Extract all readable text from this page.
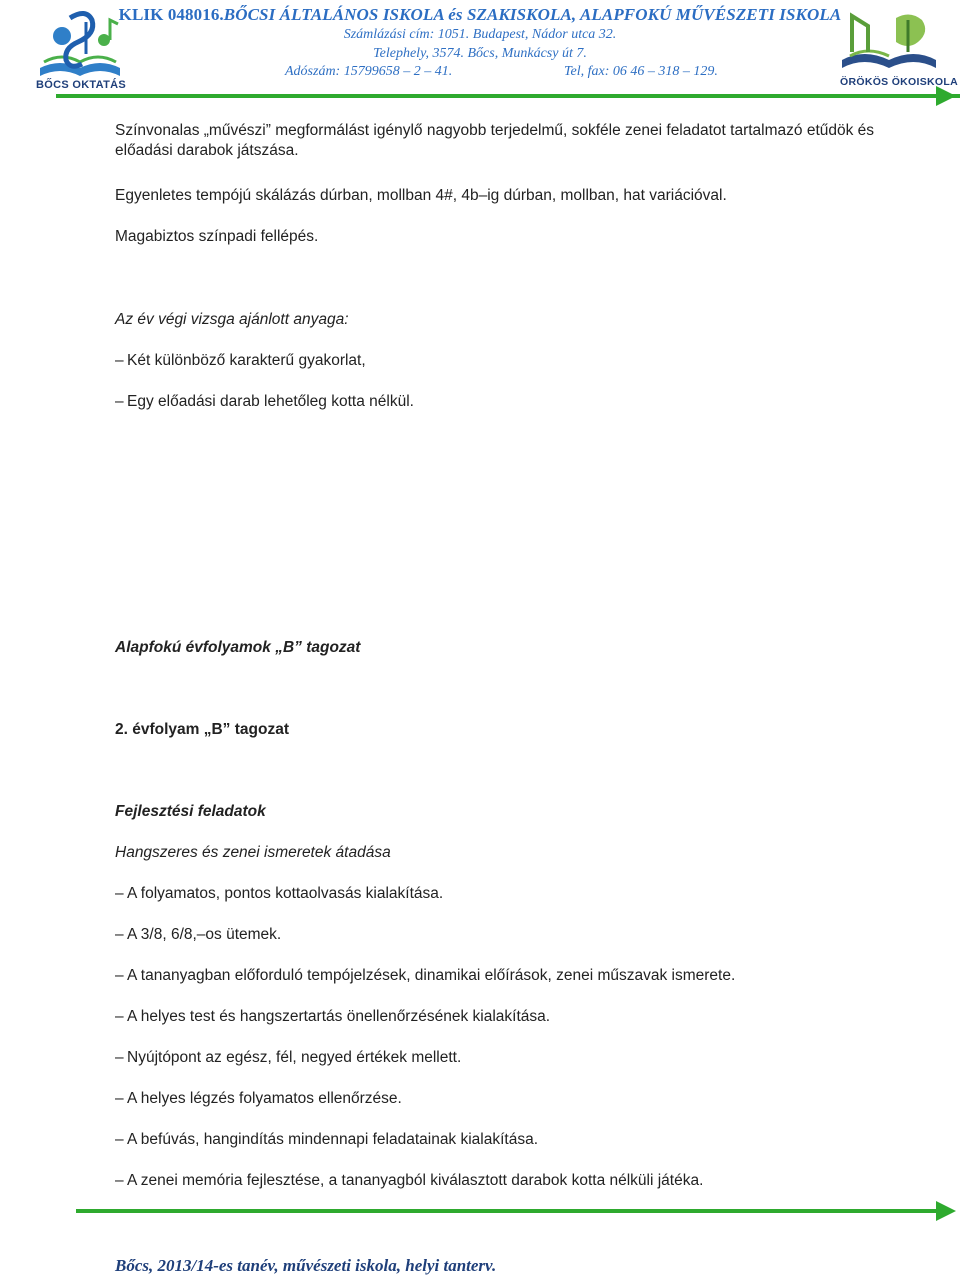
KLIK 048016.BŐCSI ÁLTALÁNOS ISKOLA és SZAKISKOLA, ALAPFOKÚ MŰVÉSZETI ISKOLA
Számlázási cím: 1051. Budapest, Nádor utca 32.
Telephely, 3574. Bőcs, Munkácsy út 7.
Adószám: 15799658 – 2 – 41.	Tel, fax: 06 46 – 318 – 129.
BŐCS OKTATÁS	ÖRÖKÖS ÖKOISKOLA
Színvonalas „művészi” megformálást igénylő nagyobb terjedelmű, sokféle zenei feladatot tartalmazó etűdök és előadási darabok játszása.
Egyenletes tempójú skálázás dúrban, mollban 4#, 4b–ig dúrban, mollban, hat variációval.
Magabiztos színpadi fellépés.
Az év végi vizsga ajánlott anyaga:
– Két különböző karakterű gyakorlat,
– Egy előadási darab lehetőleg kotta nélkül.
Alapfokú évfolyamok „B” tagozat
2. évfolyam „B” tagozat
Fejlesztési feladatok
Hangszeres és zenei ismeretek átadása
– A folyamatos, pontos kottaolvasás kialakítása.
– A 3/8, 6/8,–os ütemek.
– A tananyagban előforduló tempójelzések, dinamikai előírások, zenei műszavak ismerete.
– A helyes test és hangszertartás önellenőrzésének kialakítása.
– Nyújtópont az egész, fél, negyed értékek mellett.
– A helyes légzés folyamatos ellenőrzése.
– A befúvás, hangindítás mindennapi feladatainak kialakítása.
– A zenei memória fejlesztése, a tananyagból kiválasztott darabok kotta nélküli játéka.
Bőcs, 2013/14-es tanév, művészeti iskola, helyi tanterv.
